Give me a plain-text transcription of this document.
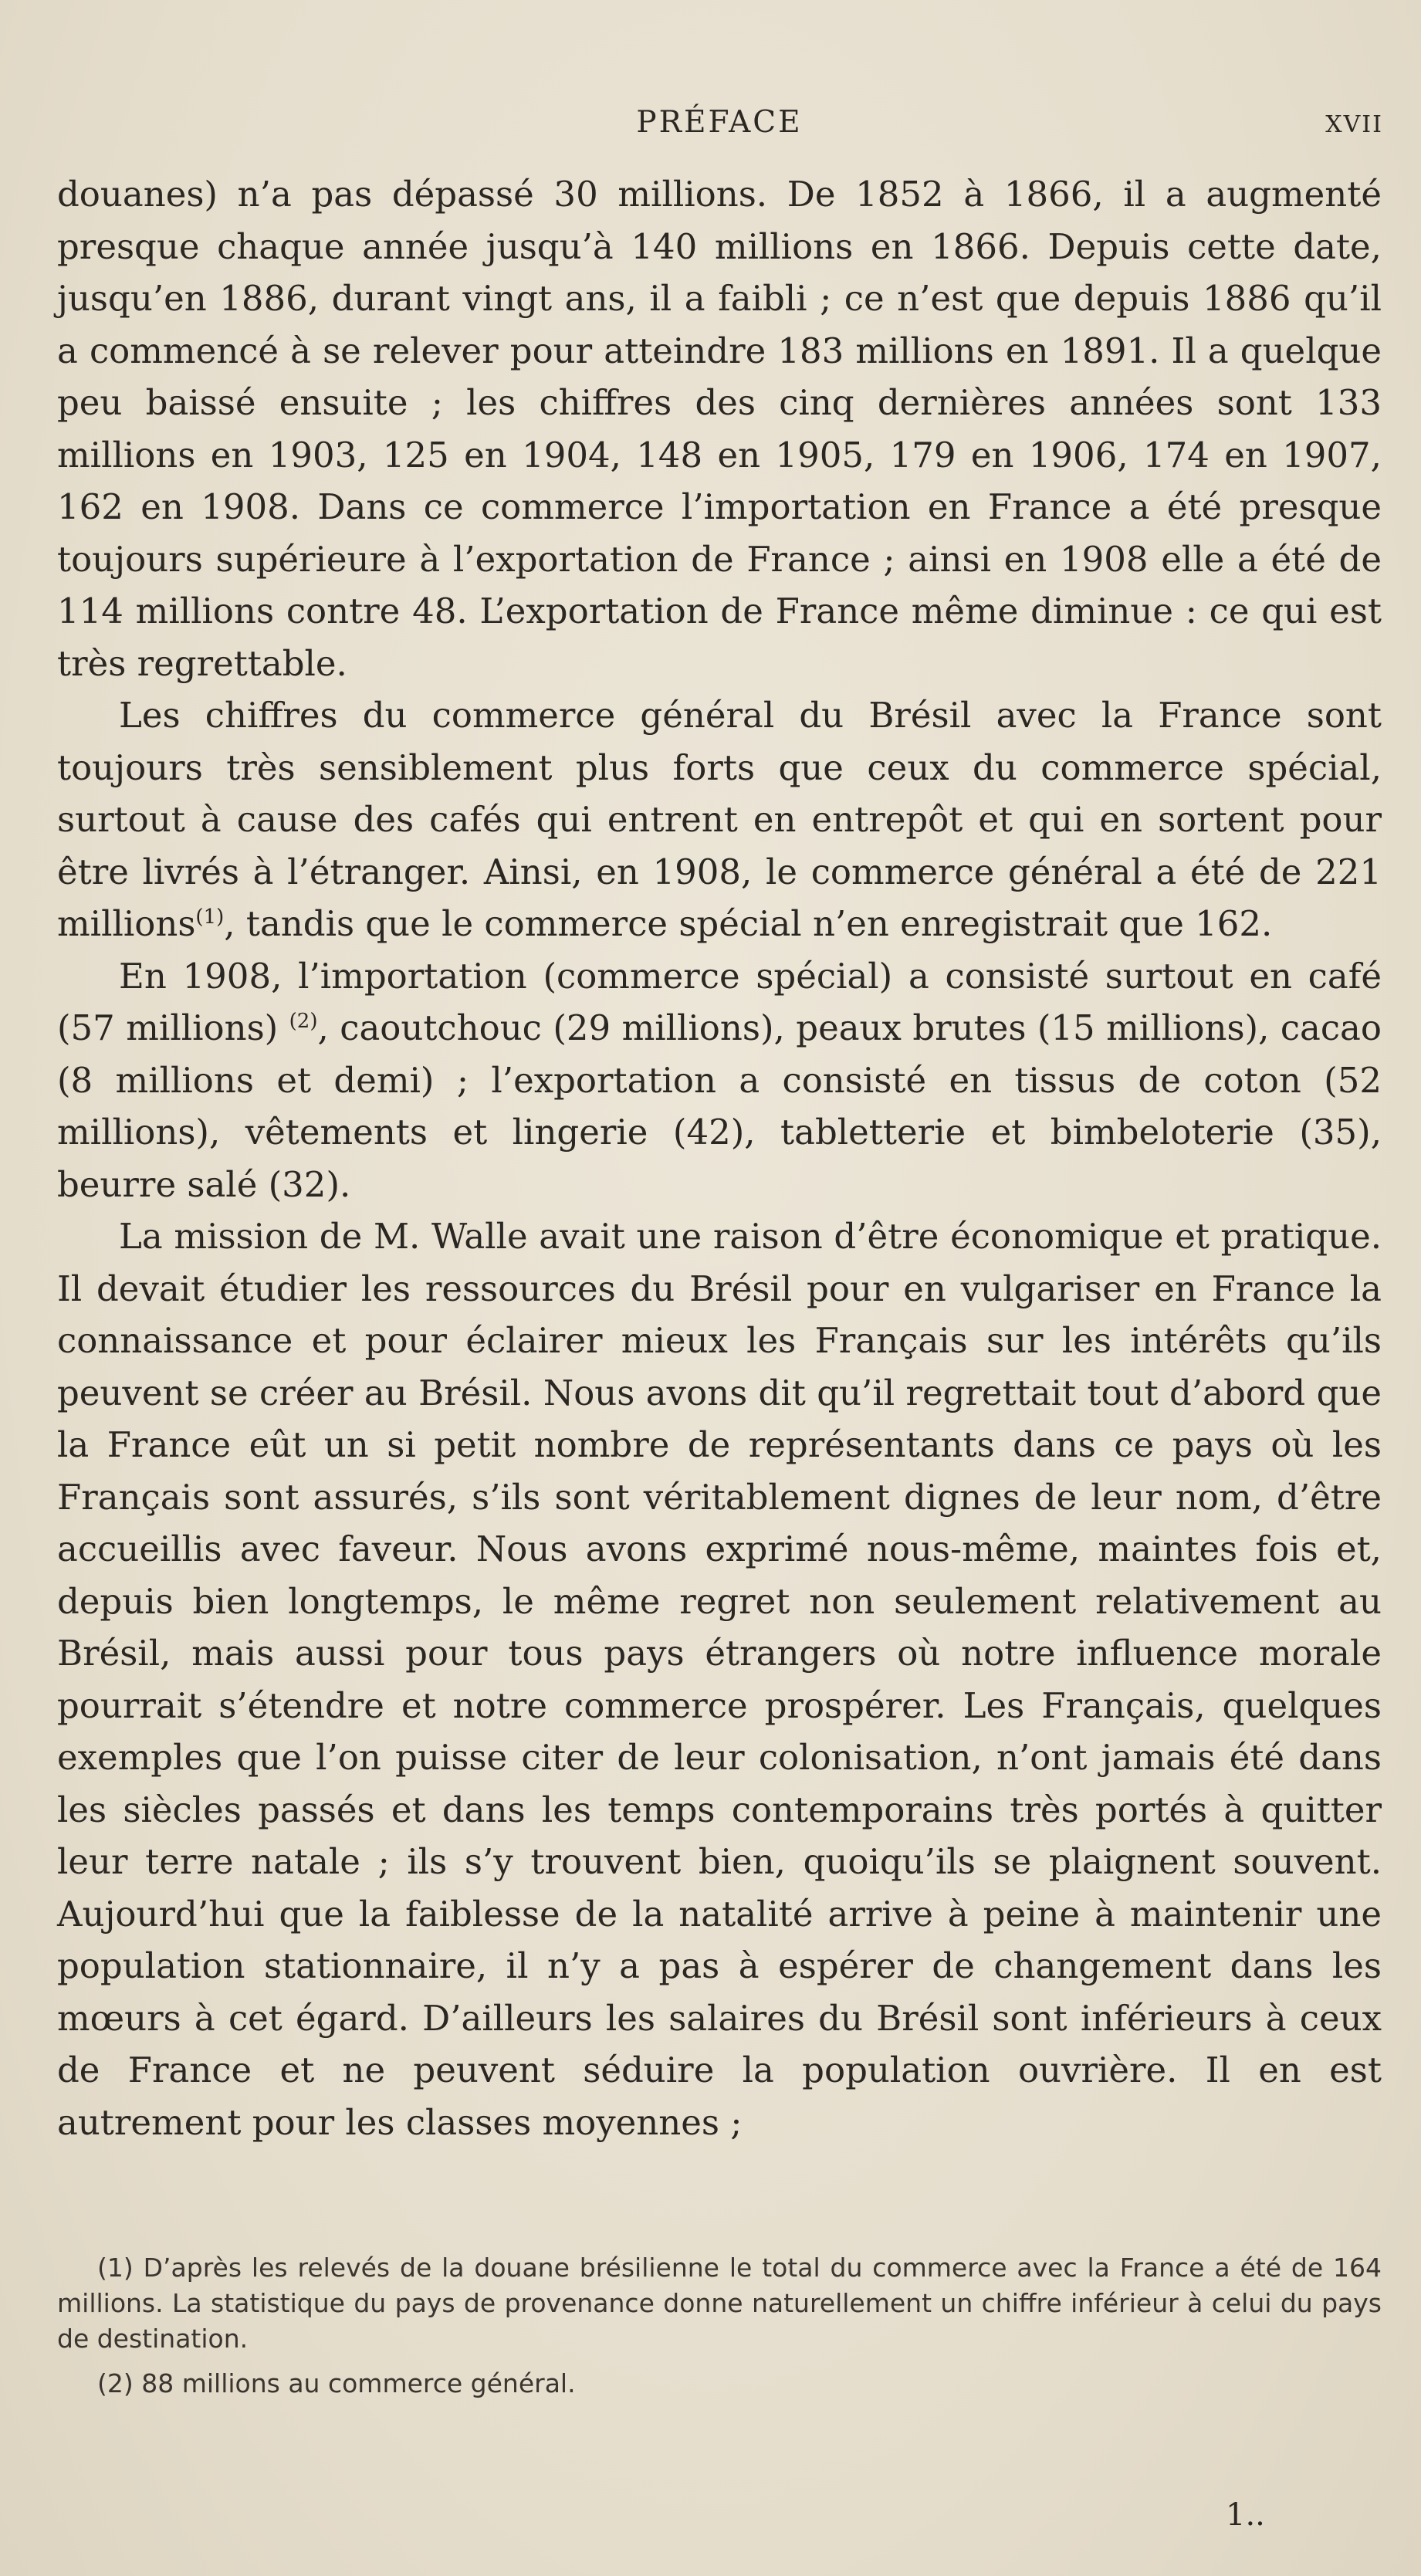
PRÉFACE	XVII

douanes) n’a pas dépassé 30 millions. De 1852 à 1866, il a augmenté presque chaque année jusqu’à 140 millions en 1866. Depuis cette date, jusqu’en 1886, durant vingt ans, il a faibli ; ce n’est que depuis 1886 qu’il a commencé à se relever pour atteindre 183 millions en 1891. Il a quelque peu baissé ensuite ; les chiffres des cinq dernières années sont 133 millions en 1903, 125 en 1904, 148 en 1905, 179 en 1906, 174 en 1907, 162 en 1908. Dans ce commerce l’importation en France a été presque toujours supérieure à l’exportation de France ; ainsi en 1908 elle a été de 114 millions contre 48. L’exportation de France même diminue : ce qui est très regrettable.

Les chiffres du commerce général du Brésil avec la France sont toujours très sensiblement plus forts que ceux du commerce spécial, surtout à cause des cafés qui entrent en entrepôt et qui en sortent pour être livrés à l’étranger. Ainsi, en 1908, le commerce général a été de 221 millions$^{(1)}$, tandis que le commerce spécial n’en enregistrait que 162.

En 1908, l’importation (commerce spécial) a consisté surtout en café (57 millions) $^{(2)}$, caoutchouc (29 millions), peaux brutes (15 millions), cacao (8 millions et demi) ; l’exportation a consisté en tissus de coton (52 millions), vêtements et lingerie (42), tabletterie et bimbeloterie (35), beurre salé (32).

La mission de M. Walle avait une raison d’être économique et pratique. Il devait étudier les ressources du Brésil pour en vulgariser en France la connaissance et pour éclairer mieux les Français sur les intérêts qu’ils peuvent se créer au Brésil. Nous avons dit qu’il regrettait tout d’abord que la France eût un si petit nombre de représentants dans ce pays où les Français sont assurés, s’ils sont véritablement dignes de leur nom, d’être accueillis avec faveur. Nous avons exprimé nous-même, maintes fois et, depuis bien longtemps, le même regret non seulement relativement au Brésil, mais aussi pour tous pays étrangers où notre influence morale pourrait s’étendre et notre commerce prospérer. Les Français, quelques exemples que l’on puisse citer de leur colonisation, n’ont jamais été dans les siècles passés et dans les temps contemporains très portés à quitter leur terre natale ; ils s’y trouvent bien, quoiqu’ils se plaignent souvent. Aujourd’hui que la faiblesse de la natalité arrive à peine à maintenir une population stationnaire, il n’y a pas à espérer de changement dans les mœurs à cet égard. D’ailleurs les salaires du Brésil sont inférieurs à ceux de France et ne peuvent séduire la population ouvrière. Il en est autrement pour les classes moyennes ;

(1) D’après les relevés de la douane brésilienne le total du commerce avec la France a été de 164 millions. La statistique du pays de provenance donne naturellement un chiffre inférieur à celui du pays de destination.

(2) 88 millions au commerce général.

1..
